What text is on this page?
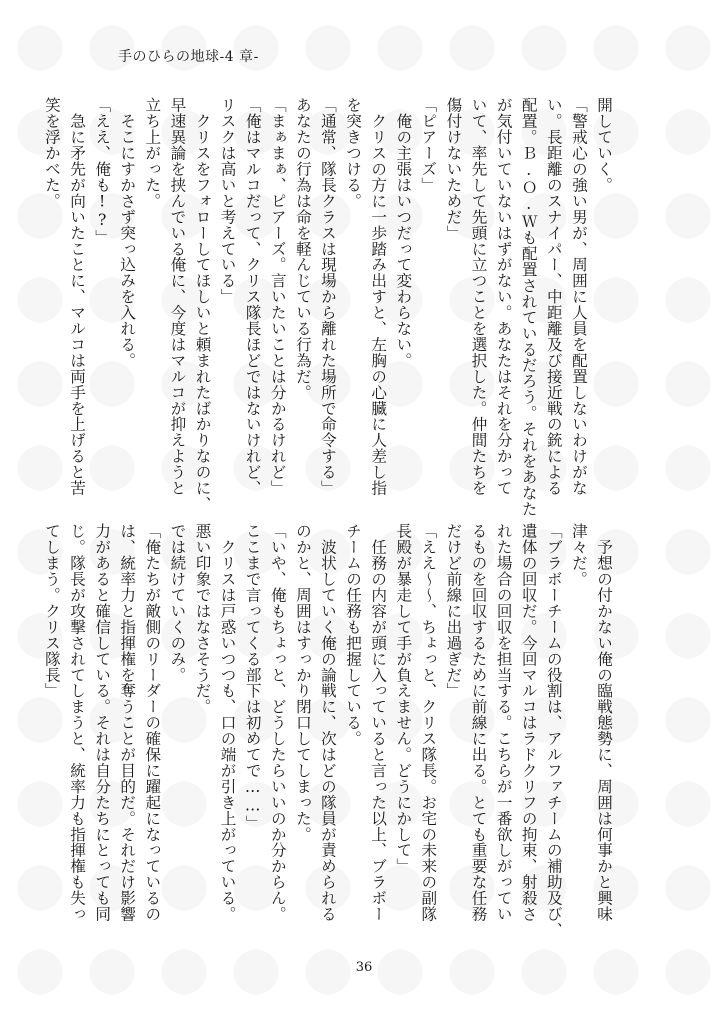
手のひらの地球-4 章-
開していく。
「警戒心の強い男が、周囲に人員を配置しないわけがな
い。長距離のスナイパー、中距離及び接近戦の銃による
配置。Ｂ.Ｏ.Ｗも配置されているだろう。それをあなた
が気付いていないはずがない。あなたはそれを分かって
いて、率先して先頭に立つことを選択した。仲間たちを
傷付けないためだ」
「ピアーズ」
　俺の主張はいつだって変わらない。
　クリスの方に一歩踏み出すと、左胸の心臓に人差し指
を突きつける。
「通常、隊長クラスは現場から離れた場所で命令する」
あなたの行為は命を軽んじている行為だ。
「まぁまぁ、ピアーズ。言いたいことは分かるけれど」
「俺はマルコだって、クリス隊長ほどではないけれど、
リスクは高いと考えている」
　クリスをフォローしてほしいと頼まれたばかりなのに、
早速異論を挟んでいる俺に、今度はマルコが抑えようと
立ち上がった。
　そこにすかさず突っ込みを入れる。
「ええ、俺も!?」
　急に矛先が向いたことに、マルコは両手を上げると苦
笑を浮かべた。
　予想の付かない俺の臨戦態勢に、周囲は何事かと興味
津々だ。
「ブラボーチームの役割は、アルファチームの補助及び、
遺体の回収だ。今回マルコはラドクリフの拘束、射殺さ
れた場合の回収を担当する。こちらが一番欲しがってい
るものを回収するために前線に出る。とても重要な任務
だけど前線に出過ぎだ」
「ええ〜〜、ちょっと、クリス隊長。お宅の未来の副隊
長殿が暴走して手が負えません。どうにかして」
　任務の内容が頭に入っていると言った以上、ブラボー
チームの任務も把握している。
　波状していく俺の論戦に、次はどの隊員が責められる
のかと、周囲はすっかり閉口してしまった。
「いや、俺もちょっと、どうしたらいいのか分からん。
ここまで言ってくる部下は初めてで……」
　クリスは戸惑いつつも、口の端が引き上がっている。
悪い印象ではなさそうだ。
では続けていくのみ。
「俺たちが敵側のリーダーの確保に躍起になっているの
は、統率力と指揮権を奪うことが目的だ。それだけ影響
力があると確信している。それは自分たちにとっても同
じ。隊長が攻撃されてしまうと、統率力も指揮権も失っ
てしまう。クリス隊長」
36
